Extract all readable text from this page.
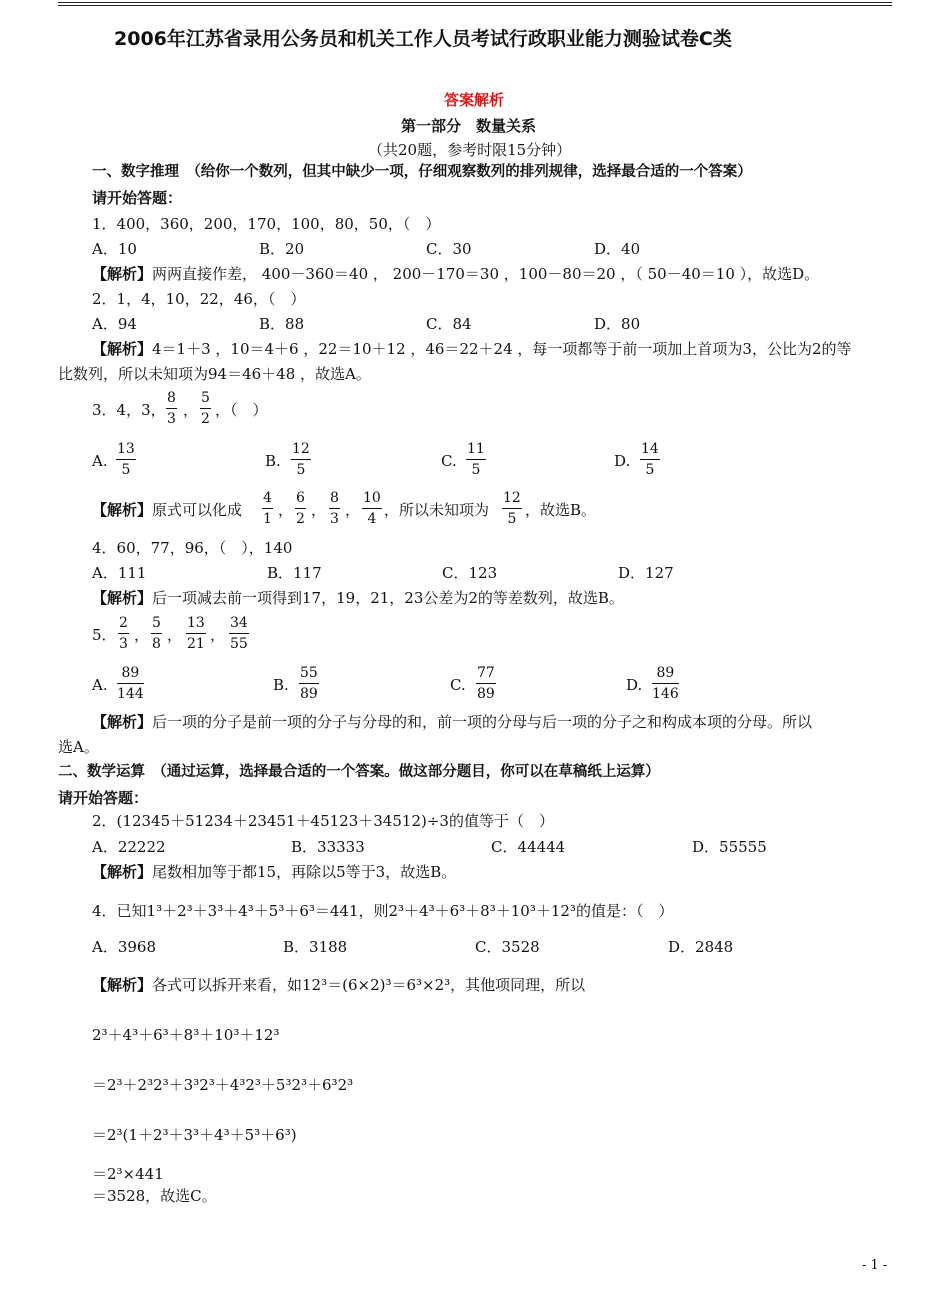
2006年江苏省录用公务员和机关工作人员考试行政职业能力测验试卷C类
答案解析
第一部分　数量关系
（共20题，参考时限15分钟）
一、数字推理　（给你一个数列，但其中缺少一项，仔细观察数列的排列规律，选择最合适的一个答案）
请开始答题：
1．400，360，200，170，100，80，50，（　）
A．10	B．20	C．30	D．40
【解析】两两直接作差， 400－360＝40 ， 200－170＝30 ，100－80＝20 ，（ 50－40＝10 ），故选D。
2．1，4，10，22，46，（　）
A．94	B．88	C．84	D．80
【解析】4＝1＋3 ，10＝4＋6 ，22＝10＋12 ，46＝22＋24 ，每一项都等于前一项加上首项为3，公比为2的等
比数列，所以未知项为94＝46＋48 ，故选A。
3．4，3， $\frac{8}{3}$ ， $\frac{5}{2}$ ，（　）
A. $\frac{13}{5}$	B. $\frac{12}{5}$	C. $\frac{11}{5}$	D. $\frac{14}{5}$
【解析】原式可以化成 $\frac{4}{1}$ ， $\frac{6}{2}$ ， $\frac{8}{3}$ ， $\frac{10}{4}$ ，所以未知项为 $\frac{12}{5}$ ，故选B。
4．60，77，96，（　），140
A．111	B．117	C．123	D．127
【解析】后一项减去前一项得到17，19，21，23公差为2的等差数列，故选B。
5． $\frac{2}{3}$ ， $\frac{5}{8}$ ， $\frac{13}{21}$ ， $\frac{34}{55}$
A. $\frac{89}{144}$	B. $\frac{55}{89}$	C. $\frac{77}{89}$	D. $\frac{89}{146}$
【解析】后一项的分子是前一项的分子与分母的和，前一项的分母与后一项的分子之和构成本项的分母。所以
选A。
二、数学运算　（通过运算，选择最合适的一个答案。做这部分题目，你可以在草稿纸上运算）
请开始答题：
2．(12345＋51234＋23451＋45123＋34512)÷3的值等于（　）
A．22222	B．33333	C．44444	D．55555
【解析】尾数相加等于都15，再除以5等于3，故选B。
4．已知1³＋2³＋3³＋4³＋5³＋6³＝441，则2³＋4³＋6³＋8³＋10³＋12³的值是：（　）
A．3968	B．3188	C．3528	D．2848
【解析】各式可以拆开来看，如12³＝(6×2)³＝6³×2³，其他项同理，所以
2³＋4³＋6³＋8³＋10³＋12³
＝2³＋2³2³＋3³2³＋4³2³＋5³2³＋6³2³
＝2³(1＋2³＋3³＋4³＋5³＋6³)
＝2³×441
＝3528，故选C。
- 1 -
